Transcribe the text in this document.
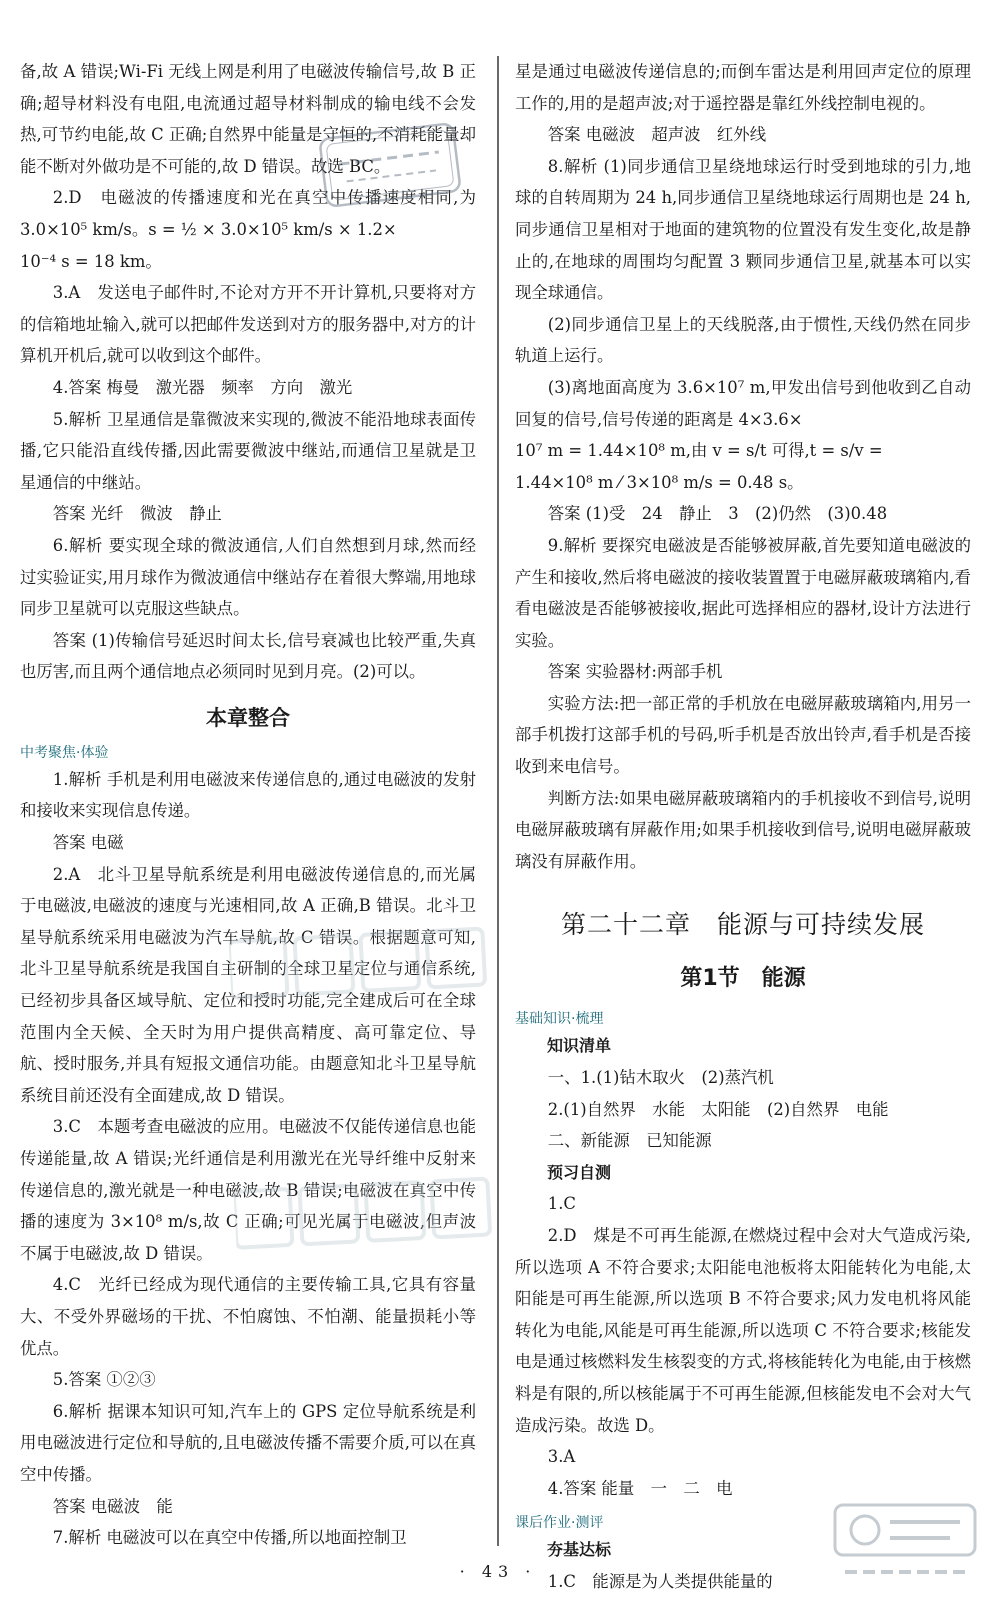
备,故 A 错误;Wi-Fi 无线上网是利用了电磁波传输信号,故 B 正确;超导材料没有电阻,电流通过超导材料制成的输电线不会发热,可节约电能,故 C 正确;自然界中能量是守恒的,不消耗能量却能不断对外做功是不可能的,故 D 错误。故选 BC。

2.D　电磁波的传播速度和光在真空中传播速度相同,为 3.0×10⁵ km/s。s = ½ × 3.0×10⁵ km/s × 1.2×

10⁻⁴ s = 18 km。

3.A　发送电子邮件时,不论对方开不开计算机,只要将对方的信箱地址输入,就可以把邮件发送到对方的服务器中,对方的计算机开机后,就可以收到这个邮件。

4.答案 梅曼　激光器　频率　方向　激光

5.解析 卫星通信是靠微波来实现的,微波不能沿地球表面传播,它只能沿直线传播,因此需要微波中继站,而通信卫星就是卫星通信的中继站。

答案 光纤　微波　静止

6.解析 要实现全球的微波通信,人们自然想到月球,然而经过实验证实,用月球作为微波通信中继站存在着很大弊端,用地球同步卫星就可以克服这些缺点。

答案 (1)传输信号延迟时间太长,信号衰减也比较严重,失真也厉害,而且两个通信地点必须同时见到月亮。(2)可以。

本章整合
中考聚焦·体验

1.解析 手机是利用电磁波来传递信息的,通过电磁波的发射和接收来实现信息传递。

答案 电磁

2.A　北斗卫星导航系统是利用电磁波传递信息的,而光属于电磁波,电磁波的速度与光速相同,故 A 正确,B 错误。北斗卫星导航系统采用电磁波为汽车导航,故 C 错误。根据题意可知,北斗卫星导航系统是我国自主研制的全球卫星定位与通信系统,已经初步具备区域导航、定位和授时功能,完全建成后可在全球范围内全天候、全天时为用户提供高精度、高可靠定位、导航、授时服务,并具有短报文通信功能。由题意知北斗卫星导航系统目前还没有全面建成,故 D 错误。

3.C　本题考查电磁波的应用。电磁波不仅能传递信息也能传递能量,故 A 错误;光纤通信是利用激光在光导纤维中反射来传递信息的,激光就是一种电磁波,故 B 错误;电磁波在真空中传播的速度为 3×10⁸ m/s,故 C 正确;可见光属于电磁波,但声波不属于电磁波,故 D 错误。

4.C　光纤已经成为现代通信的主要传输工具,它具有容量大、不受外界磁场的干扰、不怕腐蚀、不怕潮、能量损耗小等优点。

5.答案 ①②③

6.解析 据课本知识可知,汽车上的 GPS 定位导航系统是利用电磁波进行定位和导航的,且电磁波传播不需要介质,可以在真空中传播。

答案 电磁波　能

7.解析 电磁波可以在真空中传播,所以地面控制卫

星是通过电磁波传递信息的;而倒车雷达是利用回声定位的原理工作的,用的是超声波;对于遥控器是靠红外线控制电视的。

答案 电磁波　超声波　红外线

8.解析 (1)同步通信卫星绕地球运行时受到地球的引力,地球的自转周期为 24 h,同步通信卫星绕地球运行周期也是 24 h,同步通信卫星相对于地面的建筑物的位置没有发生变化,故是静止的,在地球的周围均匀配置 3 颗同步通信卫星,就基本可以实现全球通信。

(2)同步通信卫星上的天线脱落,由于惯性,天线仍然在同步轨道上运行。

(3)离地面高度为 3.6×10⁷ m,甲发出信号到他收到乙自动回复的信号,信号传递的距离是 4×3.6×

10⁷ m = 1.44×10⁸ m,由 v = s/t 可得,t = s/v =

1.44×10⁸ m ⁄ 3×10⁸ m/s = 0.48 s。

答案 (1)受　24　静止　3　(2)仍然　(3)0.48

9.解析 要探究电磁波是否能够被屏蔽,首先要知道电磁波的产生和接收,然后将电磁波的接收装置置于电磁屏蔽玻璃箱内,看看电磁波是否能够被接收,据此可选择相应的器材,设计方法进行实验。

答案 实验器材:两部手机

实验方法:把一部正常的手机放在电磁屏蔽玻璃箱内,用另一部手机拨打这部手机的号码,听手机是否放出铃声,看手机是否接收到来电信号。

判断方法:如果电磁屏蔽玻璃箱内的手机接收不到信号,说明电磁屏蔽玻璃有屏蔽作用;如果手机接收到信号,说明电磁屏蔽玻璃没有屏蔽作用。

第二十二章　能源与可持续发展
第1节　能源
基础知识·梳理

知识清单

一、1.(1)钻木取火　(2)蒸汽机

2.(1)自然界　水能　太阳能　(2)自然界　电能

二、新能源　已知能源

预习自测

1.C

2.D　煤是不可再生能源,在燃烧过程中会对大气造成污染,所以选项 A 不符合要求;太阳能电池板将太阳能转化为电能,太阳能是可再生能源,所以选项 B 不符合要求;风力发电机将风能转化为电能,风能是可再生能源,所以选项 C 不符合要求;核能发电是通过核燃料发生核裂变的方式,将核能转化为电能,由于核燃料是有限的,所以核能属于不可再生能源,但核能发电不会对大气造成污染。故选 D。

3.A

4.答案 能量　一　二　电

课后作业·测评

夯基达标

1.C　能源是为人类提供能量的

· 43 ·
